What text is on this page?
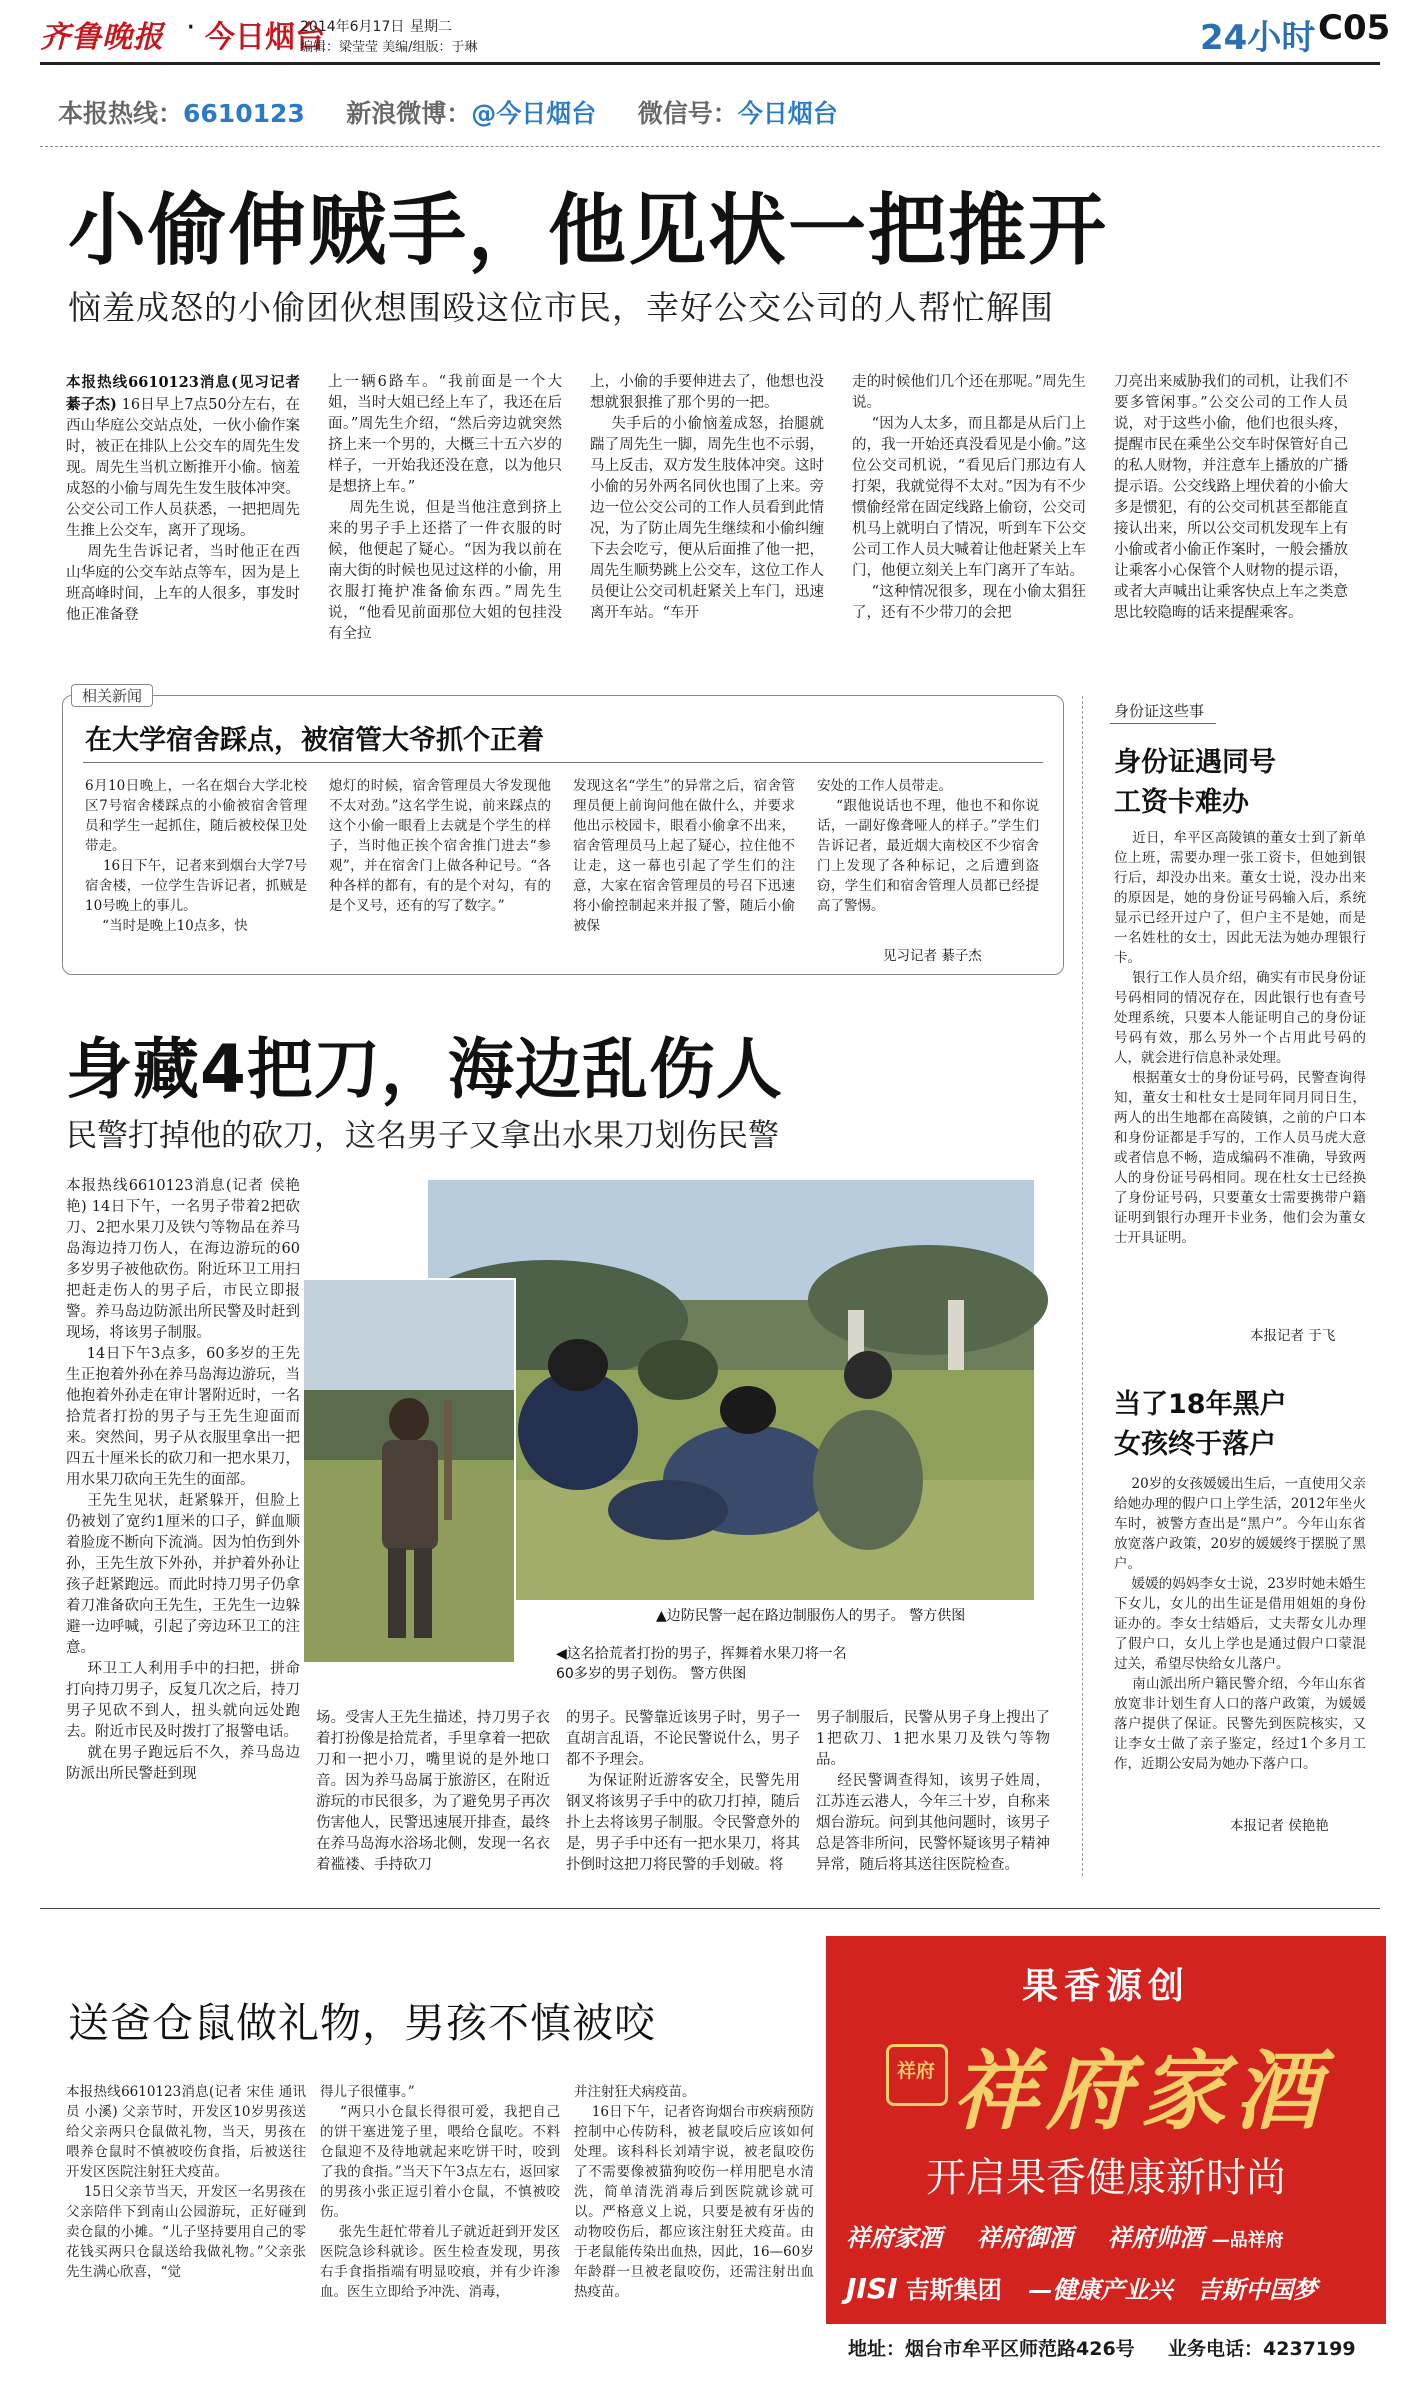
齐鲁晚报 · 今日烟台
2014年6月17日 星期二
编辑：梁莹莹 美编/组版：于琳	24小时 C05
本报热线：6610123 新浪微博：@今日烟台 微信号：今日烟台
小偷伸贼手，他见状一把推开
恼羞成怒的小偷团伙想围殴这位市民，幸好公交公司的人帮忙解围
本报热线6610123消息(见习记者 綦子杰) 16日早上7点50分左右，在西山华庭公交站点处，一伙小偷作案时，被正在排队上公交车的周先生发现。周先生当机立断推开小偷。恼羞成怒的小偷与周先生发生肢体冲突。公交公司工作人员获悉，一把把周先生推上公交车，离开了现场。
周先生告诉记者，当时他正在西山华庭的公交车站点等车，因为是上班高峰时间，上车的人很多，事发时他正准备登
上一辆6路车。“我前面是一个大姐，当时大姐已经上车了，我还在后面。”周先生介绍，“然后旁边就突然挤上来一个男的，大概三十五六岁的样子，一开始我还没在意，以为他只是想挤上车。”
周先生说，但是当他注意到挤上来的男子手上还搭了一件衣服的时候，他便起了疑心。“因为我以前在南大街的时候也见过这样的小偷，用衣服打掩护准备偷东西。”周先生说，“他看见前面那位大姐的包挂没有全拉
上，小偷的手要伸进去了，他想也没想就狠狠推了那个男的一把。
失手后的小偷恼羞成怒，抬腿就踹了周先生一脚，周先生也不示弱，马上反击，双方发生肢体冲突。这时小偷的另外两名同伙也围了上来。旁边一位公交公司的工作人员看到此情况，为了防止周先生继续和小偷纠缠下去会吃亏，便从后面推了他一把，周先生顺势跳上公交车，这位工作人员便让公交司机赶紧关上车门，迅速离开车站。“车开
走的时候他们几个还在那呢。”周先生说。
“因为人太多，而且都是从后门上的，我一开始还真没看见是小偷。”这位公交司机说，“看见后门那边有人打架，我就觉得不太对。”因为有不少惯偷经常在固定线路上偷窃，公交司机马上就明白了情况，听到车下公交公司工作人员大喊着让他赶紧关上车门，他便立刻关上车门离开了车站。
“这种情况很多，现在小偷太猖狂了，还有不少带刀的会把
刀亮出来威胁我们的司机，让我们不要多管闲事。”公交公司的工作人员说，对于这些小偷，他们也很头疼，提醒市民在乘坐公交车时保管好自己的私人财物，并注意车上播放的广播提示语。公交线路上埋伏着的小偷大多是惯犯，有的公交司机甚至都能直接认出来，所以公交司机发现车上有小偷或者小偷正作案时，一般会播放让乘客小心保管个人财物的提示语，或者大声喊出让乘客快点上车之类意思比较隐晦的话来提醒乘客。
相关新闻
在大学宿舍踩点，被宿管大爷抓个正着
6月10日晚上，一名在烟台大学北校区7号宿舍楼踩点的小偷被宿舍管理员和学生一起抓住，随后被校保卫处带走。
16日下午，记者来到烟台大学7号宿舍楼，一位学生告诉记者，抓贼是10号晚上的事儿。
“当时是晚上10点多，快
熄灯的时候，宿舍管理员大爷发现他不太对劲。”这名学生说，前来踩点的这个小偷一眼看上去就是个学生的样子，当时他正挨个宿舍推门进去“参观”，并在宿舍门上做各种记号。“各种各样的都有，有的是个对勾，有的是个叉号，还有的写了数字。”
发现这名“学生”的异常之后，宿舍管理员便上前询问他在做什么，并要求他出示校园卡，眼看小偷拿不出来，宿舍管理员马上起了疑心，拉住他不让走，这一幕也引起了学生们的注意，大家在宿舍管理员的号召下迅速将小偷控制起来并报了警，随后小偷被保
安处的工作人员带走。
“跟他说话也不理，他也不和你说话，一副好像聋哑人的样子。”学生们告诉记者，最近烟大南校区不少宿舍门上发现了各种标记，之后遭到盗窃，学生们和宿舍管理人员都已经提高了警惕。
见习记者 綦子杰
身份证这些事
身份证遇同号
工资卡难办
近日，牟平区高陵镇的董女士到了新单位上班，需要办理一张工资卡，但她到银行后，却没办出来。董女士说，没办出来的原因是，她的身份证号码输入后，系统显示已经开过户了，但户主不是她，而是一名姓杜的女士，因此无法为她办理银行卡。
银行工作人员介绍，确实有市民身份证号码相同的情况存在，因此银行也有查号处理系统，只要本人能证明自己的身份证号码有效，那么另外一个占用此号码的人，就会进行信息补录处理。
根据董女士的身份证号码，民警查询得知，董女士和杜女士是同年同月同日生，两人的出生地都在高陵镇，之前的户口本和身份证都是手写的，工作人员马虎大意或者信息不畅，造成编码不准确，导致两人的身份证号码相同。现在杜女士已经换了身份证号码，只要董女士需要携带户籍证明到银行办理开卡业务，他们会为董女士开具证明。
本报记者 于飞
当了18年黑户
女孩终于落户
20岁的女孩媛媛出生后，一直使用父亲给她办理的假户口上学生活，2012年坐火车时，被警方查出是“黑户”。今年山东省放宽落户政策，20岁的媛媛终于摆脱了黑户。
媛媛的妈妈李女士说，23岁时她未婚生下女儿，女儿的出生证是借用姐姐的身份证办的。李女士结婚后，丈夫帮女儿办理了假户口，女儿上学也是通过假户口蒙混过关，希望尽快给女儿落户。
南山派出所户籍民警介绍，今年山东省放宽非计划生育人口的落户政策，为媛媛落户提供了保证。民警先到医院核实，又让李女士做了亲子鉴定，经过1个多月工作，近期公安局为她办下落户口。
本报记者 侯艳艳
身藏4把刀，海边乱伤人
民警打掉他的砍刀，这名男子又拿出水果刀划伤民警
本报热线6610123消息(记者 侯艳艳) 14日下午，一名男子带着2把砍刀、2把水果刀及铁勺等物品在养马岛海边持刀伤人，在海边游玩的60多岁男子被他砍伤。附近环卫工用扫把赶走伤人的男子后，市民立即报警。养马岛边防派出所民警及时赶到现场，将该男子制服。
14日下午3点多，60多岁的王先生正抱着外孙在养马岛海边游玩，当他抱着外孙走在审计署附近时，一名拾荒者打扮的男子与王先生迎面而来。突然间，男子从衣服里拿出一把四五十厘米长的砍刀和一把水果刀，用水果刀砍向王先生的面部。
王先生见状，赶紧躲开，但脸上仍被划了宽约1厘米的口子，鲜血顺着脸庞不断向下流淌。因为怕伤到外孙，王先生放下外孙，并护着外孙让孩子赶紧跑远。而此时持刀男子仍拿着刀准备砍向王先生，王先生一边躲避一边呼喊，引起了旁边环卫工的注意。
环卫工人利用手中的扫把，拼命打向持刀男子，反复几次之后，持刀男子见砍不到人，扭头就向远处跑去。附近市民及时拨打了报警电话。
就在男子跑远后不久，养马岛边防派出所民警赶到现
▲边防民警一起在路边制服伤人的男子。 警方供图
◀这名拾荒者打扮的男子，挥舞着水果刀将一名60多岁的男子划伤。 警方供图
场。受害人王先生描述，持刀男子衣着打扮像是拾荒者，手里拿着一把砍刀和一把小刀，嘴里说的是外地口音。因为养马岛属于旅游区，在附近游玩的市民很多，为了避免男子再次伤害他人，民警迅速展开排查，最终在养马岛海水浴场北侧，发现一名衣着褴褛、手持砍刀
的男子。民警靠近该男子时，男子一直胡言乱语，不论民警说什么，男子都不予理会。
为保证附近游客安全，民警先用钢叉将该男子手中的砍刀打掉，随后扑上去将该男子制服。令民警意外的是，男子手中还有一把水果刀，将其扑倒时这把刀将民警的手划破。将
男子制服后，民警从男子身上搜出了1把砍刀、1把水果刀及铁勺等物品。
经民警调查得知，该男子姓周，江苏连云港人，今年三十岁，自称来烟台游玩。问到其他问题时，该男子总是答非所问，民警怀疑该男子精神异常，随后将其送往医院检查。
送爸仓鼠做礼物，男孩不慎被咬
本报热线6610123消息(记者 宋佳 通讯员 小溪) 父亲节时，开发区10岁男孩送给父亲两只仓鼠做礼物，当天，男孩在喂养仓鼠时不慎被咬伤食指，后被送往开发区医院注射狂犬疫苗。
15日父亲节当天，开发区一名男孩在父亲陪伴下到南山公园游玩，正好碰到卖仓鼠的小摊。“儿子坚持要用自己的零花钱买两只仓鼠送给我做礼物。”父亲张先生满心欣喜，“觉
得儿子很懂事。”
“两只小仓鼠长得很可爱，我把自己的饼干塞进笼子里，喂给仓鼠吃。不料仓鼠迎不及待地就起来吃饼干时，咬到了我的食指。”当天下午3点左右，返回家的男孩小张正逗引着小仓鼠，不慎被咬伤。
张先生赶忙带着儿子就近赶到开发区医院急诊科就诊。医生检查发现，男孩右手食指指端有明显咬痕，并有少许渗血。医生立即给予冲洗、消毒，
并注射狂犬病疫苗。
16日下午，记者咨询烟台市疾病预防控制中心传防科，被老鼠咬后应该如何处理。该科科长刘靖宇说，被老鼠咬伤了不需要像被猫狗咬伤一样用肥皂水清洗，简单清洗消毒后到医院就诊就可以。严格意义上说，只要是被有牙齿的动物咬伤后，都应该注射狂犬疫苗。由于老鼠能传染出血热，因此，16—60岁年龄群一旦被老鼠咬伤，还需注射出血热疫苗。
果香源创
祥府 祥府家酒
开启果香健康新时尚
祥府家酒 祥府御酒 祥府帅酒 —品祥府
JISI 吉斯集团 —健康产业兴 吉斯中国梦
地址：烟台市牟平区师范路426号 业务电话：4237199
